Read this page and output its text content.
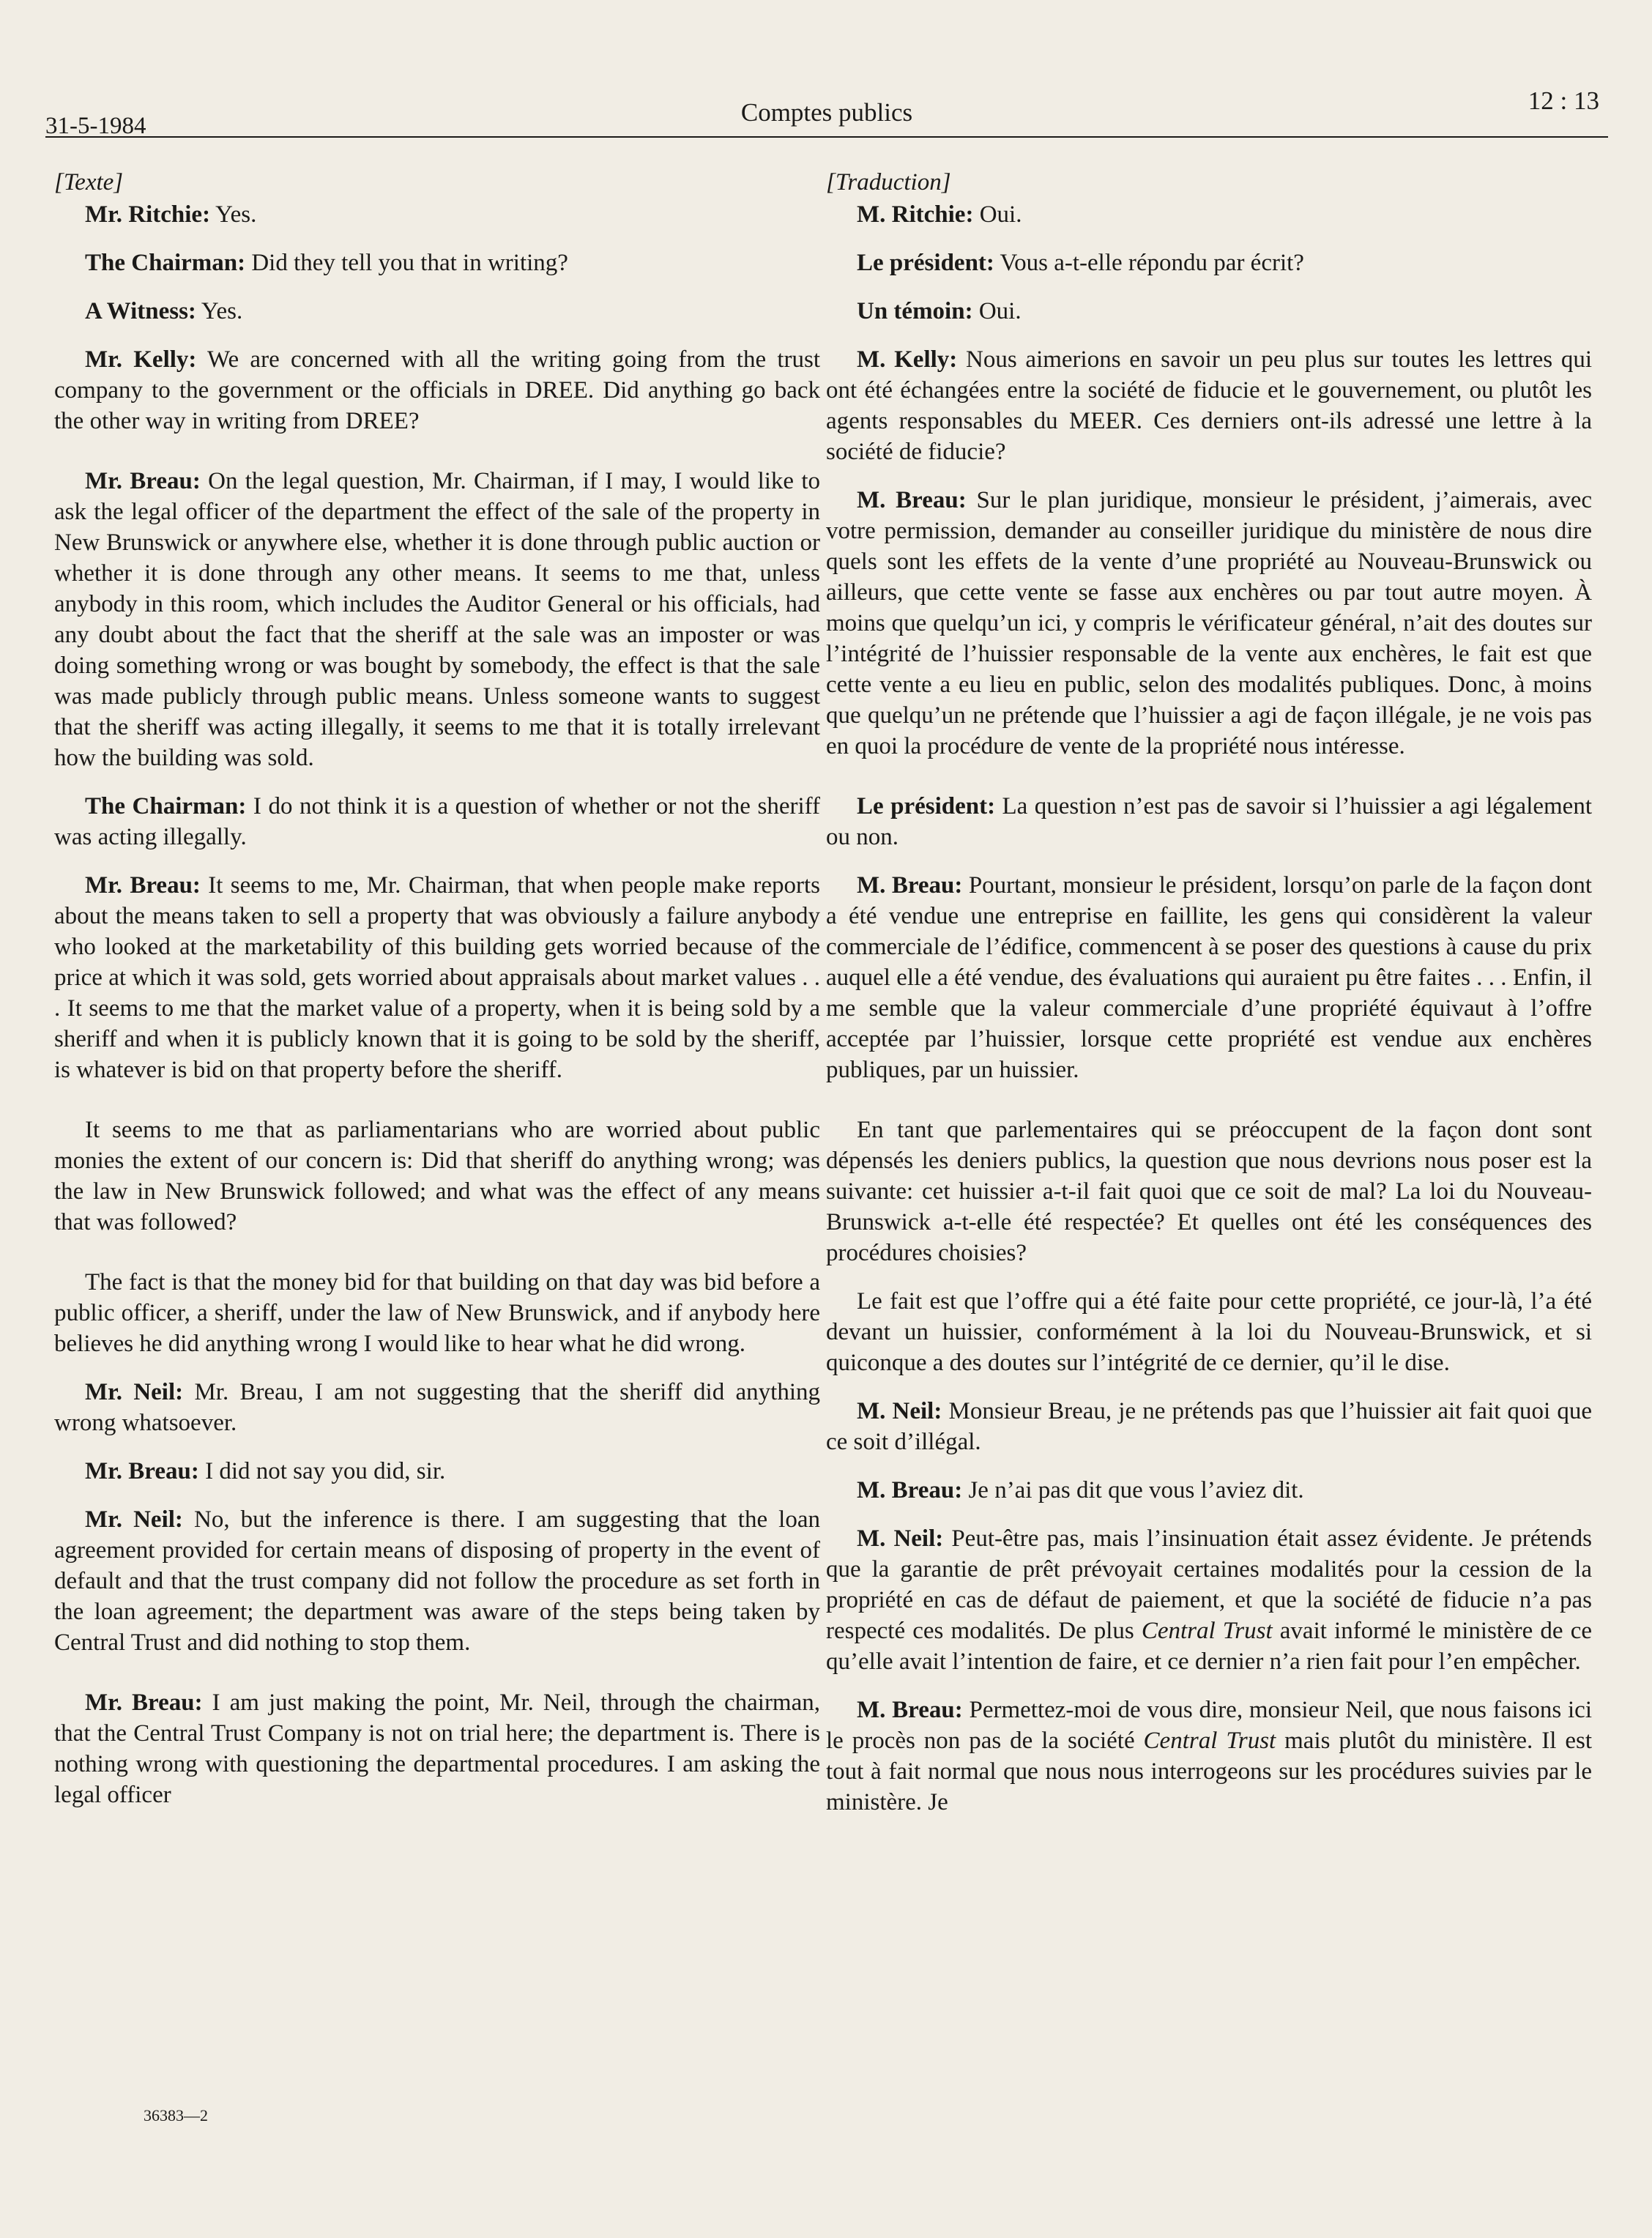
31-5-1984	Comptes publics	12 : 13
[Texte]

Mr. Ritchie: Yes.

The Chairman: Did they tell you that in writing?

A Witness: Yes.

Mr. Kelly: We are concerned with all the writing going from the trust company to the government or the officials in DREE. Did anything go back the other way in writing from DREE?

Mr. Breau: On the legal question, Mr. Chairman, if I may, I would like to ask the legal officer of the department the effect of the sale of the property in New Brunswick or anywhere else, whether it is done through public auction or whether it is done through any other means. It seems to me that, unless anybody in this room, which includes the Auditor General or his officials, had any doubt about the fact that the sheriff at the sale was an imposter or was doing something wrong or was bought by somebody, the effect is that the sale was made publicly through public means. Unless someone wants to suggest that the sheriff was acting illegally, it seems to me that it is totally irrelevant how the building was sold.

The Chairman: I do not think it is a question of whether or not the sheriff was acting illegally.

Mr. Breau: It seems to me, Mr. Chairman, that when people make reports about the means taken to sell a property that was obviously a failure anybody who looked at the marketability of this building gets worried because of the price at which it was sold, gets worried about appraisals about market values . . . It seems to me that the market value of a property, when it is being sold by a sheriff and when it is publicly known that it is going to be sold by the sheriff, is whatever is bid on that property before the sheriff.

It seems to me that as parliamentarians who are worried about public monies the extent of our concern is: Did that sheriff do anything wrong; was the law in New Brunswick followed; and what was the effect of any means that was followed?

The fact is that the money bid for that building on that day was bid before a public officer, a sheriff, under the law of New Brunswick, and if anybody here believes he did anything wrong I would like to hear what he did wrong.

Mr. Neil: Mr. Breau, I am not suggesting that the sheriff did anything wrong whatsoever.

Mr. Breau: I did not say you did, sir.

Mr. Neil: No, but the inference is there. I am suggesting that the loan agreement provided for certain means of disposing of property in the event of default and that the trust company did not follow the procedure as set forth in the loan agreement; the department was aware of the steps being taken by Central Trust and did nothing to stop them.

Mr. Breau: I am just making the point, Mr. Neil, through the chairman, that the Central Trust Company is not on trial here; the department is. There is nothing wrong with questioning the departmental procedures. I am asking the legal officer

[Traduction]

M. Ritchie: Oui.

Le président: Vous a-t-elle répondu par écrit?

Un témoin: Oui.

M. Kelly: Nous aimerions en savoir un peu plus sur toutes les lettres qui ont été échangées entre la société de fiducie et le gouvernement, ou plutôt les agents responsables du MEER. Ces derniers ont-ils adressé une lettre à la société de fiducie?

M. Breau: Sur le plan juridique, monsieur le président, j’aimerais, avec votre permission, demander au conseiller juridique du ministère de nous dire quels sont les effets de la vente d’une propriété au Nouveau-Brunswick ou ailleurs, que cette vente se fasse aux enchères ou par tout autre moyen. À moins que quelqu’un ici, y compris le vérificateur général, n’ait des doutes sur l’intégrité de l’huissier responsable de la vente aux enchères, le fait est que cette vente a eu lieu en public, selon des modalités publiques. Donc, à moins que quelqu’un ne prétende que l’huissier a agi de façon illégale, je ne vois pas en quoi la procédure de vente de la propriété nous intéresse.

Le président: La question n’est pas de savoir si l’huissier a agi légalement ou non.

M. Breau: Pourtant, monsieur le président, lorsqu’on parle de la façon dont a été vendue une entreprise en faillite, les gens qui considèrent la valeur commerciale de l’édifice, commencent à se poser des questions à cause du prix auquel elle a été vendue, des évaluations qui auraient pu être faites . . . Enfin, il me semble que la valeur commerciale d’une propriété équivaut à l’offre acceptée par l’huissier, lorsque cette propriété est vendue aux enchères publiques, par un huissier.

En tant que parlementaires qui se préoccupent de la façon dont sont dépensés les deniers publics, la question que nous devrions nous poser est la suivante: cet huissier a-t-il fait quoi que ce soit de mal? La loi du Nouveau-Brunswick a-t-elle été respectée? Et quelles ont été les conséquences des procédures choisies?

Le fait est que l’offre qui a été faite pour cette propriété, ce jour-là, l’a été devant un huissier, conformément à la loi du Nouveau-Brunswick, et si quiconque a des doutes sur l’intégrité de ce dernier, qu’il le dise.

M. Neil: Monsieur Breau, je ne prétends pas que l’huissier ait fait quoi que ce soit d’illégal.

M. Breau: Je n’ai pas dit que vous l’aviez dit.

M. Neil: Peut-être pas, mais l’insinuation était assez évidente. Je prétends que la garantie de prêt prévoyait certaines modalités pour la cession de la propriété en cas de défaut de paiement, et que la société de fiducie n’a pas respecté ces modalités. De plus Central Trust avait informé le ministère de ce qu’elle avait l’intention de faire, et ce dernier n’a rien fait pour l’en empêcher.

M. Breau: Permettez-moi de vous dire, monsieur Neil, que nous faisons ici le procès non pas de la société Central Trust mais plutôt du ministère. Il est tout à fait normal que nous nous interrogeons sur les procédures suivies par le ministère. Je

36383—2
